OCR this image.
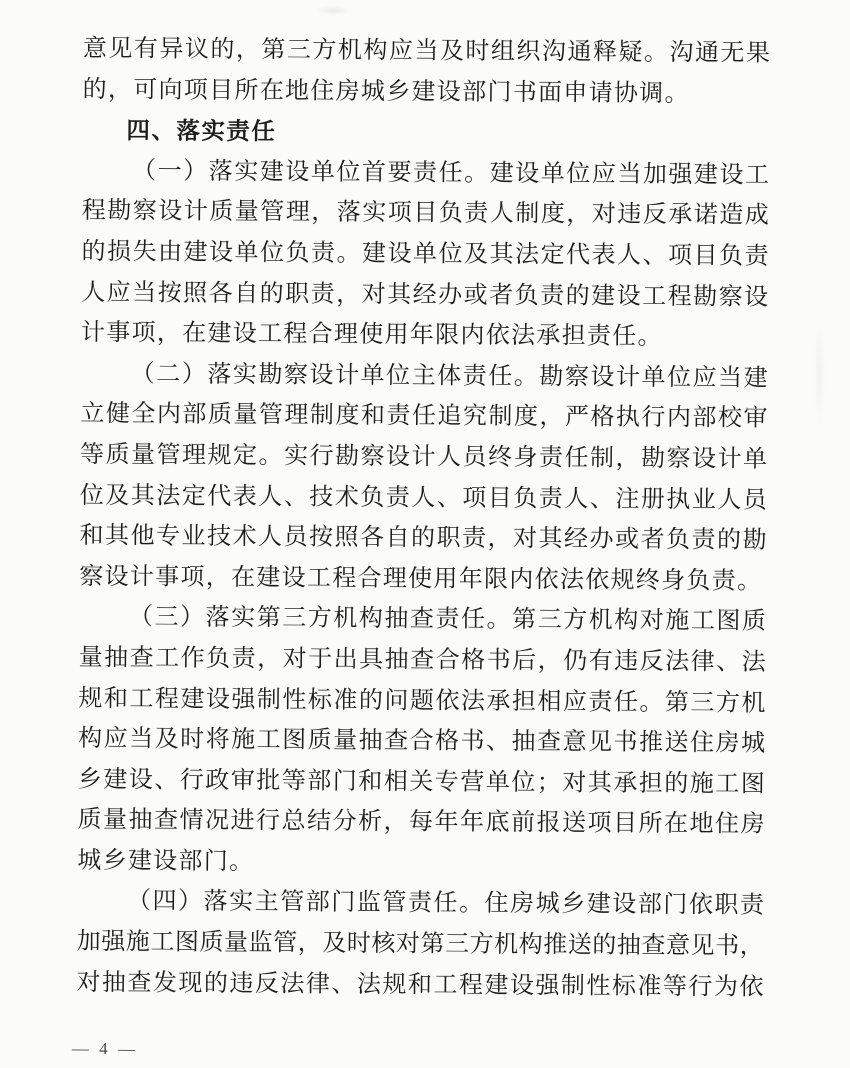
意见有异议的，第三方机构应当及时组织沟通释疑。沟通无果
的，可向项目所在地住房城乡建设部门书面申请协调。
四、落实责任
（一）落实建设单位首要责任。建设单位应当加强建设工
程勘察设计质量管理，落实项目负责人制度，对违反承诺造成
的损失由建设单位负责。建设单位及其法定代表人、项目负责
人应当按照各自的职责，对其经办或者负责的建设工程勘察设
计事项，在建设工程合理使用年限内依法承担责任。
（二）落实勘察设计单位主体责任。勘察设计单位应当建
立健全内部质量管理制度和责任追究制度，严格执行内部校审
等质量管理规定。实行勘察设计人员终身责任制，勘察设计单
位及其法定代表人、技术负责人、项目负责人、注册执业人员
和其他专业技术人员按照各自的职责，对其经办或者负责的勘
察设计事项，在建设工程合理使用年限内依法依规终身负责。
（三）落实第三方机构抽查责任。第三方机构对施工图质
量抽查工作负责，对于出具抽查合格书后，仍有违反法律、法
规和工程建设强制性标准的问题依法承担相应责任。第三方机
构应当及时将施工图质量抽查合格书、抽查意见书推送住房城
乡建设、行政审批等部门和相关专营单位；对其承担的施工图
质量抽查情况进行总结分析，每年年底前报送项目所在地住房
城乡建设部门。
（四）落实主管部门监管责任。住房城乡建设部门依职责
加强施工图质量监管，及时核对第三方机构推送的抽查意见书，
对抽查发现的违反法律、法规和工程建设强制性标准等行为依
— 4 —
